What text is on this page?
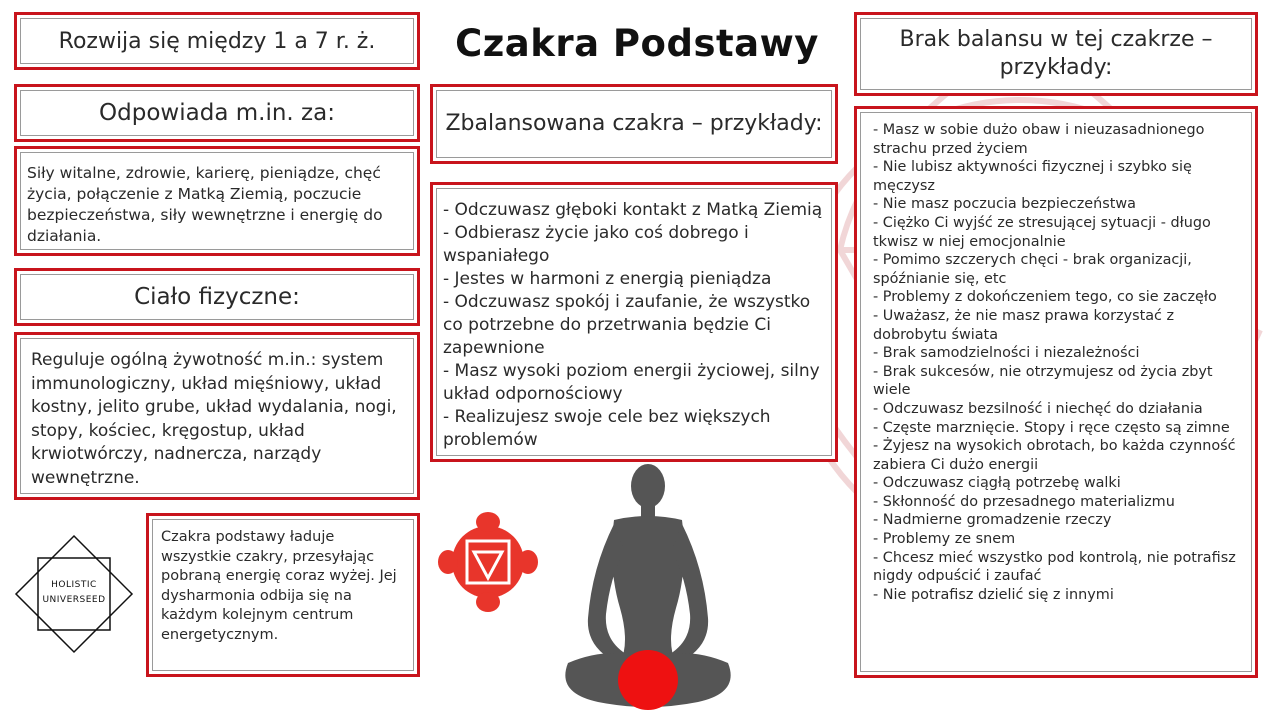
Rozwija się między 1 a 7 r. ż.
Odpowiada m.in. za:
Siły witalne, zdrowie, karierę, pieniądze, chęć życia, połączenie z Matką Ziemią, poczucie bezpieczeństwa, siły wewnętrzne i energię do działania.
Ciało fizyczne:
Reguluje ogólną żywotność m.in.: system immunologiczny, układ mięśniowy, układ kostny, jelito grube, układ wydalania, nogi, stopy, kościec, kręgostup, układ krwiotwórczy, nadnercza, narządy wewnętrzne.
HOLISTIC
UNIVERSEED
Czakra podstawy ładuje wszystkie czakry, przesyłając pobraną energię coraz wyżej. Jej dysharmonia odbija się na każdym kolejnym centrum energetycznym.
Czakra Podstawy
Zbalansowana czakra – przykłady:
- Odczuwasz głęboki kontakt z Matką Ziemią
- Odbierasz życie jako coś dobrego i wspaniałego
- Jestes w harmoni z energią pieniądza
- Odczuwasz spokój i zaufanie, że wszystko co potrzebne do przetrwania będzie Ci zapewnione
- Masz wysoki poziom energii życiowej, silny układ odpornościowy
- Realizujesz swoje cele bez większych problemów
Brak balansu w tej czakrze – przykłady:
- Masz w sobie dużo obaw i nieuzasadnionego strachu przed życiem
- Nie lubisz aktywności fizycznej i szybko się męczysz
- Nie masz poczucia bezpieczeństwa
- Ciężko Ci wyjść ze stresującej sytuacji - długo tkwisz w niej emocjonalnie
- Pomimo szczerych chęci - brak organizacji, spóźnianie się, etc
- Problemy z dokończeniem tego, co sie zaczęło
- Uważasz, że nie masz prawa korzystać z dobrobytu świata
- Brak samodzielności i niezależności
- Brak sukcesów, nie otrzymujesz od życia zbyt wiele
- Odczuwasz bezsilność i niechęć do działania
- Częste marznięcie. Stopy i ręce często są zimne
- Żyjesz na wysokich obrotach, bo każda czynność zabiera Ci dużo energii
- Odczuwasz ciągłą potrzebę walki
- Skłonność do przesadnego materializmu
- Nadmierne gromadzenie rzeczy
- Problemy ze snem
- Chcesz mieć wszystko pod kontrolą, nie potrafisz nigdy odpuścić i zaufać
- Nie potrafisz dzielić się z innymi
